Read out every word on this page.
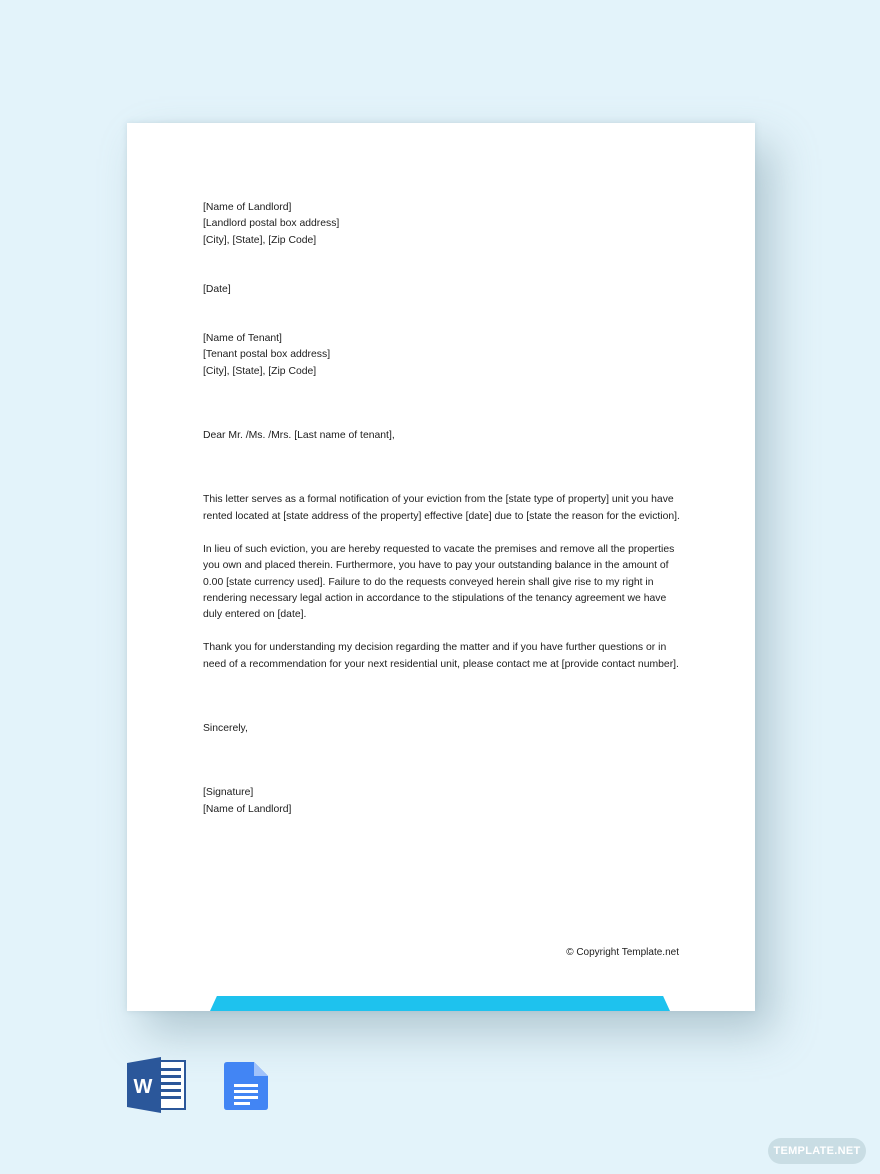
[Name of Landlord]
[Landlord postal box address]
[City], [State], [Zip Code]

[Date]

[Name of Tenant]
[Tenant postal box address]
[City], [State], [Zip Code]

Dear Mr. /Ms. /Mrs. [Last name of tenant],

This letter serves as a formal notification of your eviction from the [state type of property] unit you have rented located at [state address of the property] effective [date] due to [state the reason for the eviction].

In lieu of such eviction, you are hereby requested to vacate the premises and remove all the properties you own and placed therein. Furthermore, you have to pay your outstanding balance in the amount of 0.00 [state currency used]. Failure to do the requests conveyed herein shall give rise to my right in rendering necessary legal action in accordance to the stipulations of the tenancy agreement we have duly entered on [date].

Thank you for understanding my decision regarding the matter and if you have further questions or in need of a recommendation for your next residential unit, please contact me at [provide contact number].

Sincerely,

[Signature]

[Name of Landlord]

© Copyright Template.net
W
TEMPLATE.NET
